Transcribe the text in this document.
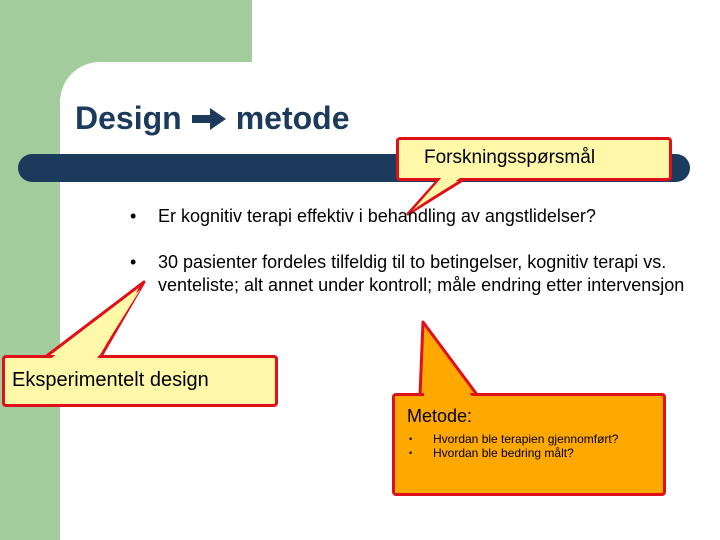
Design metode
Forskningsspørsmål
• Er kognitiv terapi effektiv i behandling av angstlidelser?
• 30 pasienter fordeles tilfeldig til to betingelser, kognitiv terapi vs. venteliste; alt annet under kontroll; måle endring etter intervensjon
Eksperimentelt design
Metode:
• Hvordan ble terapien gjennomført?
• Hvordan ble bedring målt?
